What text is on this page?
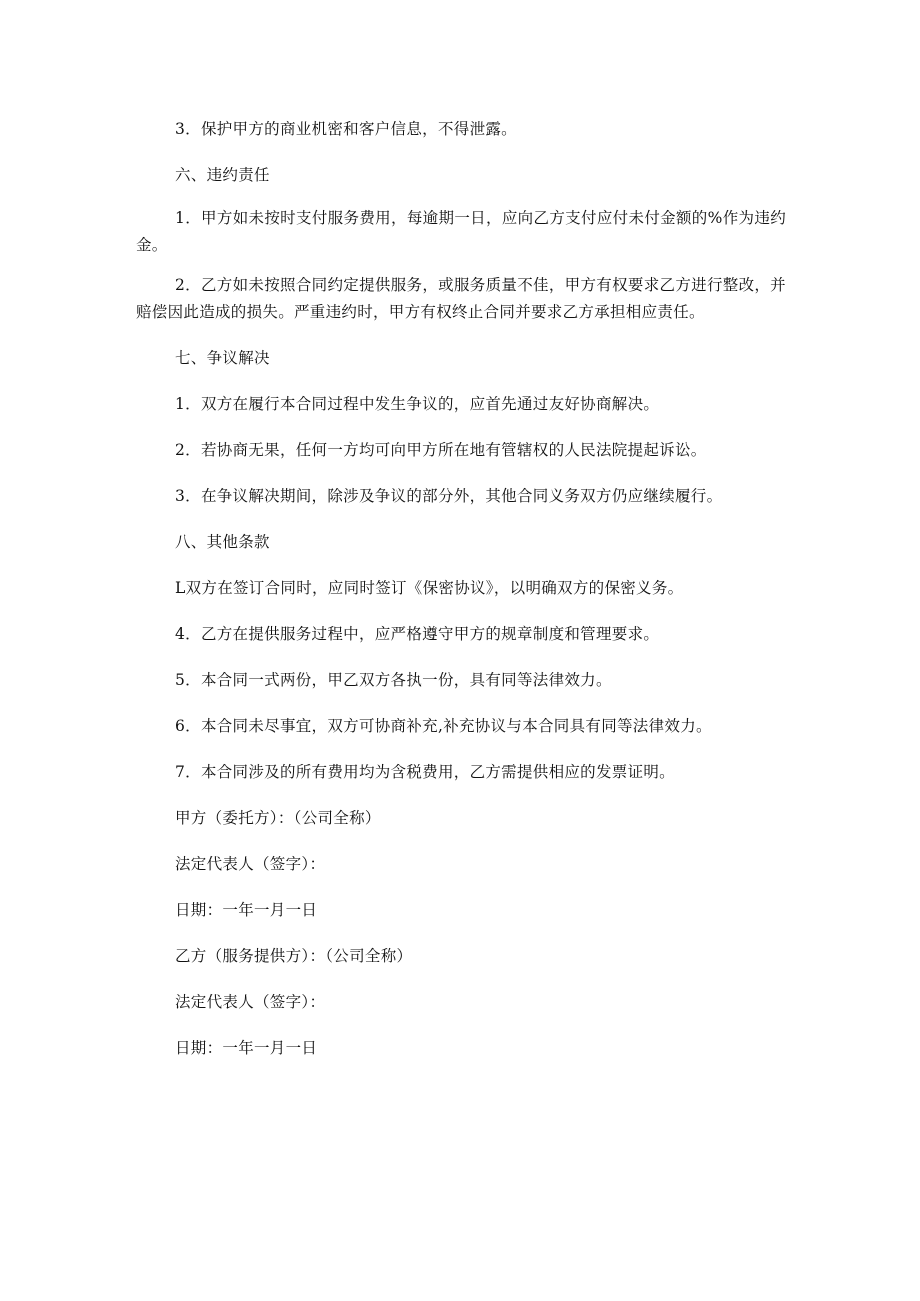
3．保护甲方的商业机密和客户信息，不得泄露。
六、违约责任
1．甲方如未按时支付服务费用，每逾期一日，应向乙方支付应付未付金额的%作为违约金。
2．乙方如未按照合同约定提供服务，或服务质量不佳，甲方有权要求乙方进行整改，并赔偿因此造成的损失。严重违约时，甲方有权终止合同并要求乙方承担相应责任。
七、争议解决
1．双方在履行本合同过程中发生争议的，应首先通过友好协商解决。
2．若协商无果，任何一方均可向甲方所在地有管辖权的人民法院提起诉讼。
3．在争议解决期间，除涉及争议的部分外，其他合同义务双方仍应继续履行。
八、其他条款
L双方在签订合同时，应同时签订《保密协议》，以明确双方的保密义务。
4．乙方在提供服务过程中，应严格遵守甲方的规章制度和管理要求。
5．本合同一式两份，甲乙双方各执一份，具有同等法律效力。
6．本合同未尽事宜，双方可协商补充,补充协议与本合同具有同等法律效力。
7．本合同涉及的所有费用均为含税费用，乙方需提供相应的发票证明。
甲方（委托方）：（公司全称）
法定代表人（签字）：
日期：一年一月一日
乙方（服务提供方）：（公司全称）
法定代表人（签字）：
日期：一年一月一日
